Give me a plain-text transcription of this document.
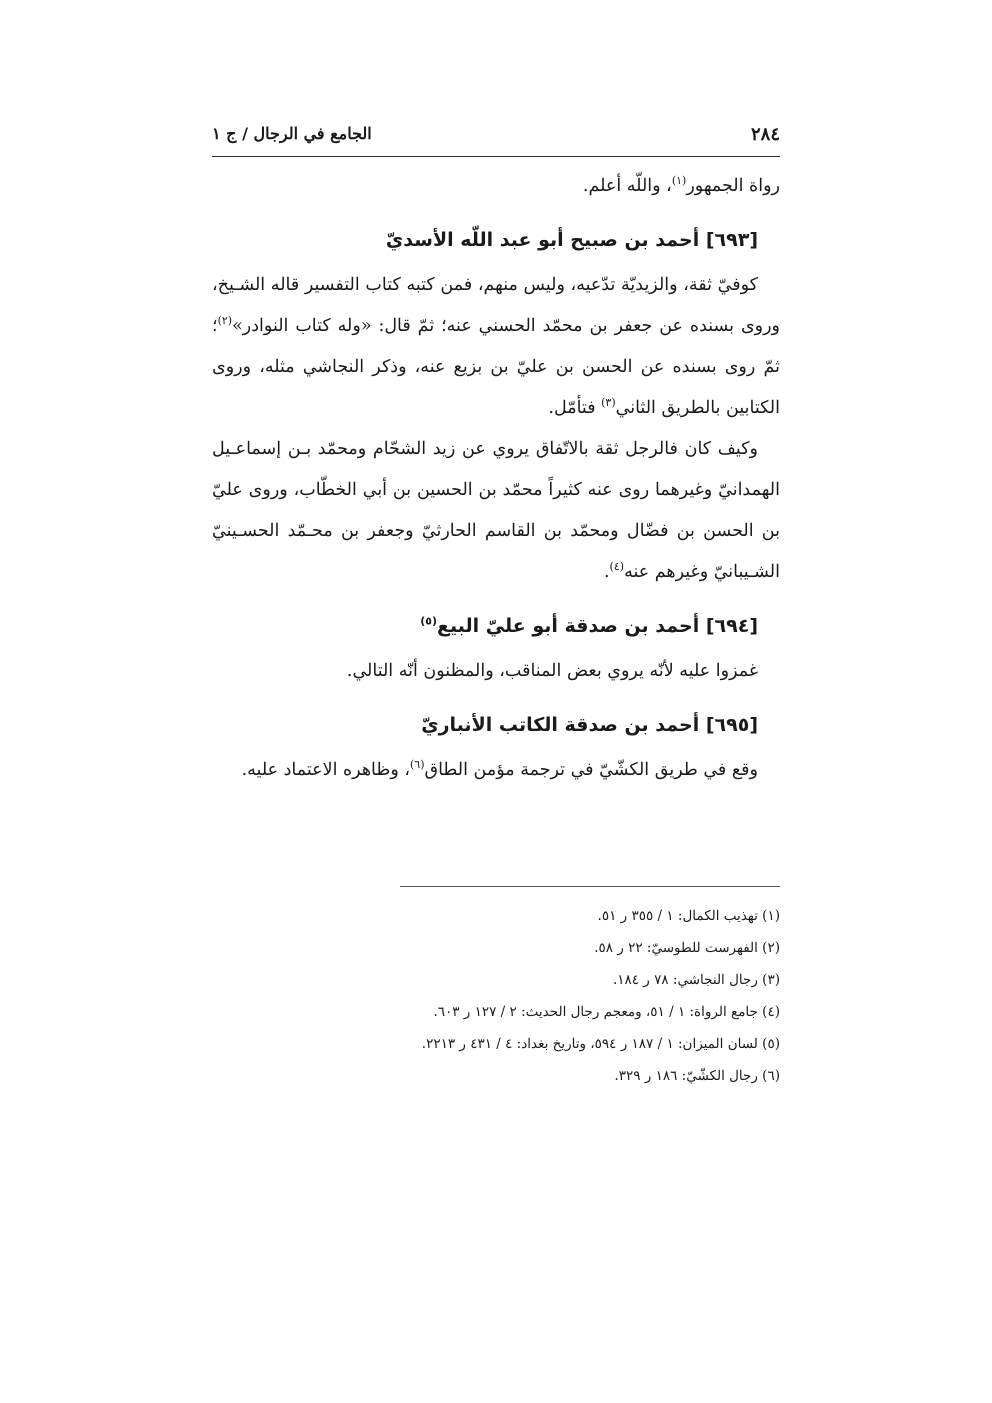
٢٨٤
الجامع في الرجال / ج ١

رواة الجمهور$^{(١)}$، واللّه أعلم.

[٦٩٣] أحمد بن صبيح أبو عبد اللّه الأسديّ

كوفيّ ثقة، والزيديّة تدّعيه، وليس منهم، فمن كتبه كتاب التفسير قاله الشـيخ، وروى بسنده عن جعفر بن محمّد الحسني عنه؛ ثمّ قال: «وله كتاب النوادر»$^{(٢)}$؛ ثمّ روى بسنده عن الحسن بن عليّ بن بزيع عنه، وذكر النجاشي مثله، وروى الكتابين بالطريق الثاني$^{(٣)}$ فتأمّل.

وكيف كان فالرجل ثقة بالاتّفاق يروي عن زيد الشحّام ومحمّد بـن إسماعـيل الهمدانيّ وغيرهما روى عنه كثيراً محمّد بن الحسين بن أبي الخطّاب، وروى عليّ بن الحسن بن فضّال ومحمّد بن القاسم الحارثيّ وجعفر بن محـمّد الحسـينيّ الشـيبانيّ وغيرهم عنه$^{(٤)}$.

[٦٩٤] أحمد بن صدقة أبو عليّ البيع$^{(٥)}$

غمزوا عليه لأنّه يروي بعض المناقب، والمظنون أنّه التالي.

[٦٩٥] أحمد بن صدقة الكاتب الأنباريّ

وقع في طريق الكشّيّ في ترجمة مؤمن الطاق$^{(٦)}$، وظاهره الاعتماد عليه.

(١) تهذيب الكمال: ١ / ٣٥٥ ر ٥١.

(٢) الفهرست للطوسيّ: ٢٢ ر ٥٨.

(٣) رجال النجاشي: ٧٨ ر ١٨٤.

(٤) جامع الرواة: ١ / ٥١، ومعجم رجال الحديث: ٢ / ١٢٧ ر ٦٠٣.

(٥) لسان الميزان: ١ / ١٨٧ ر ٥٩٤، وتاريخ بغداد: ٤ / ٤٣١ ر ٢٢١٣.

(٦) رجال الكشّيّ: ١٨٦ ر ٣٢٩.
